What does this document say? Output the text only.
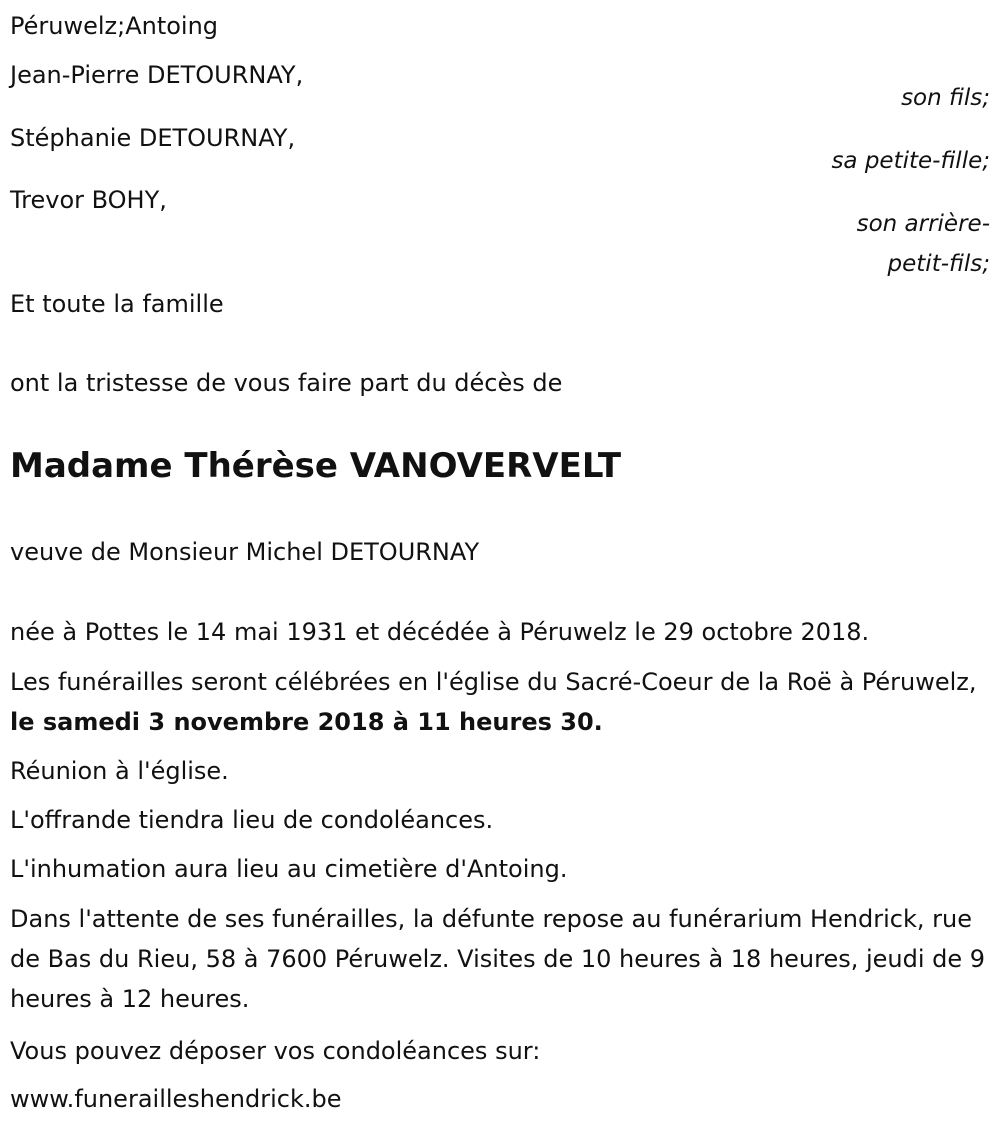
Péruwelz;Antoing
Jean-Pierre DETOURNAY,
son fils;
Stéphanie DETOURNAY,
sa petite-fille;
Trevor BOHY,
son arrière-
petit-fils;
Et toute la famille
ont la tristesse de vous faire part du décès de
Madame Thérèse VANOVERVELT
veuve de Monsieur Michel DETOURNAY
née à Pottes le 14 mai 1931 et décédée à Péruwelz le 29 octobre 2018.
Les funérailles seront célébrées en l'église du Sacré-Coeur de la Roë à Péruwelz, le samedi 3 novembre 2018 à 11 heures 30.
Réunion à l'église.
L'offrande tiendra lieu de condoléances.
L'inhumation aura lieu au cimetière d'Antoing.
Dans l'attente de ses funérailles, la défunte repose au funérarium Hendrick, rue de Bas du Rieu, 58 à 7600 Péruwelz. Visites de 10 heures à 18 heures, jeudi de 9 heures à 12 heures.
Vous pouvez déposer vos condoléances sur:
www.funerailleshendrick.be
